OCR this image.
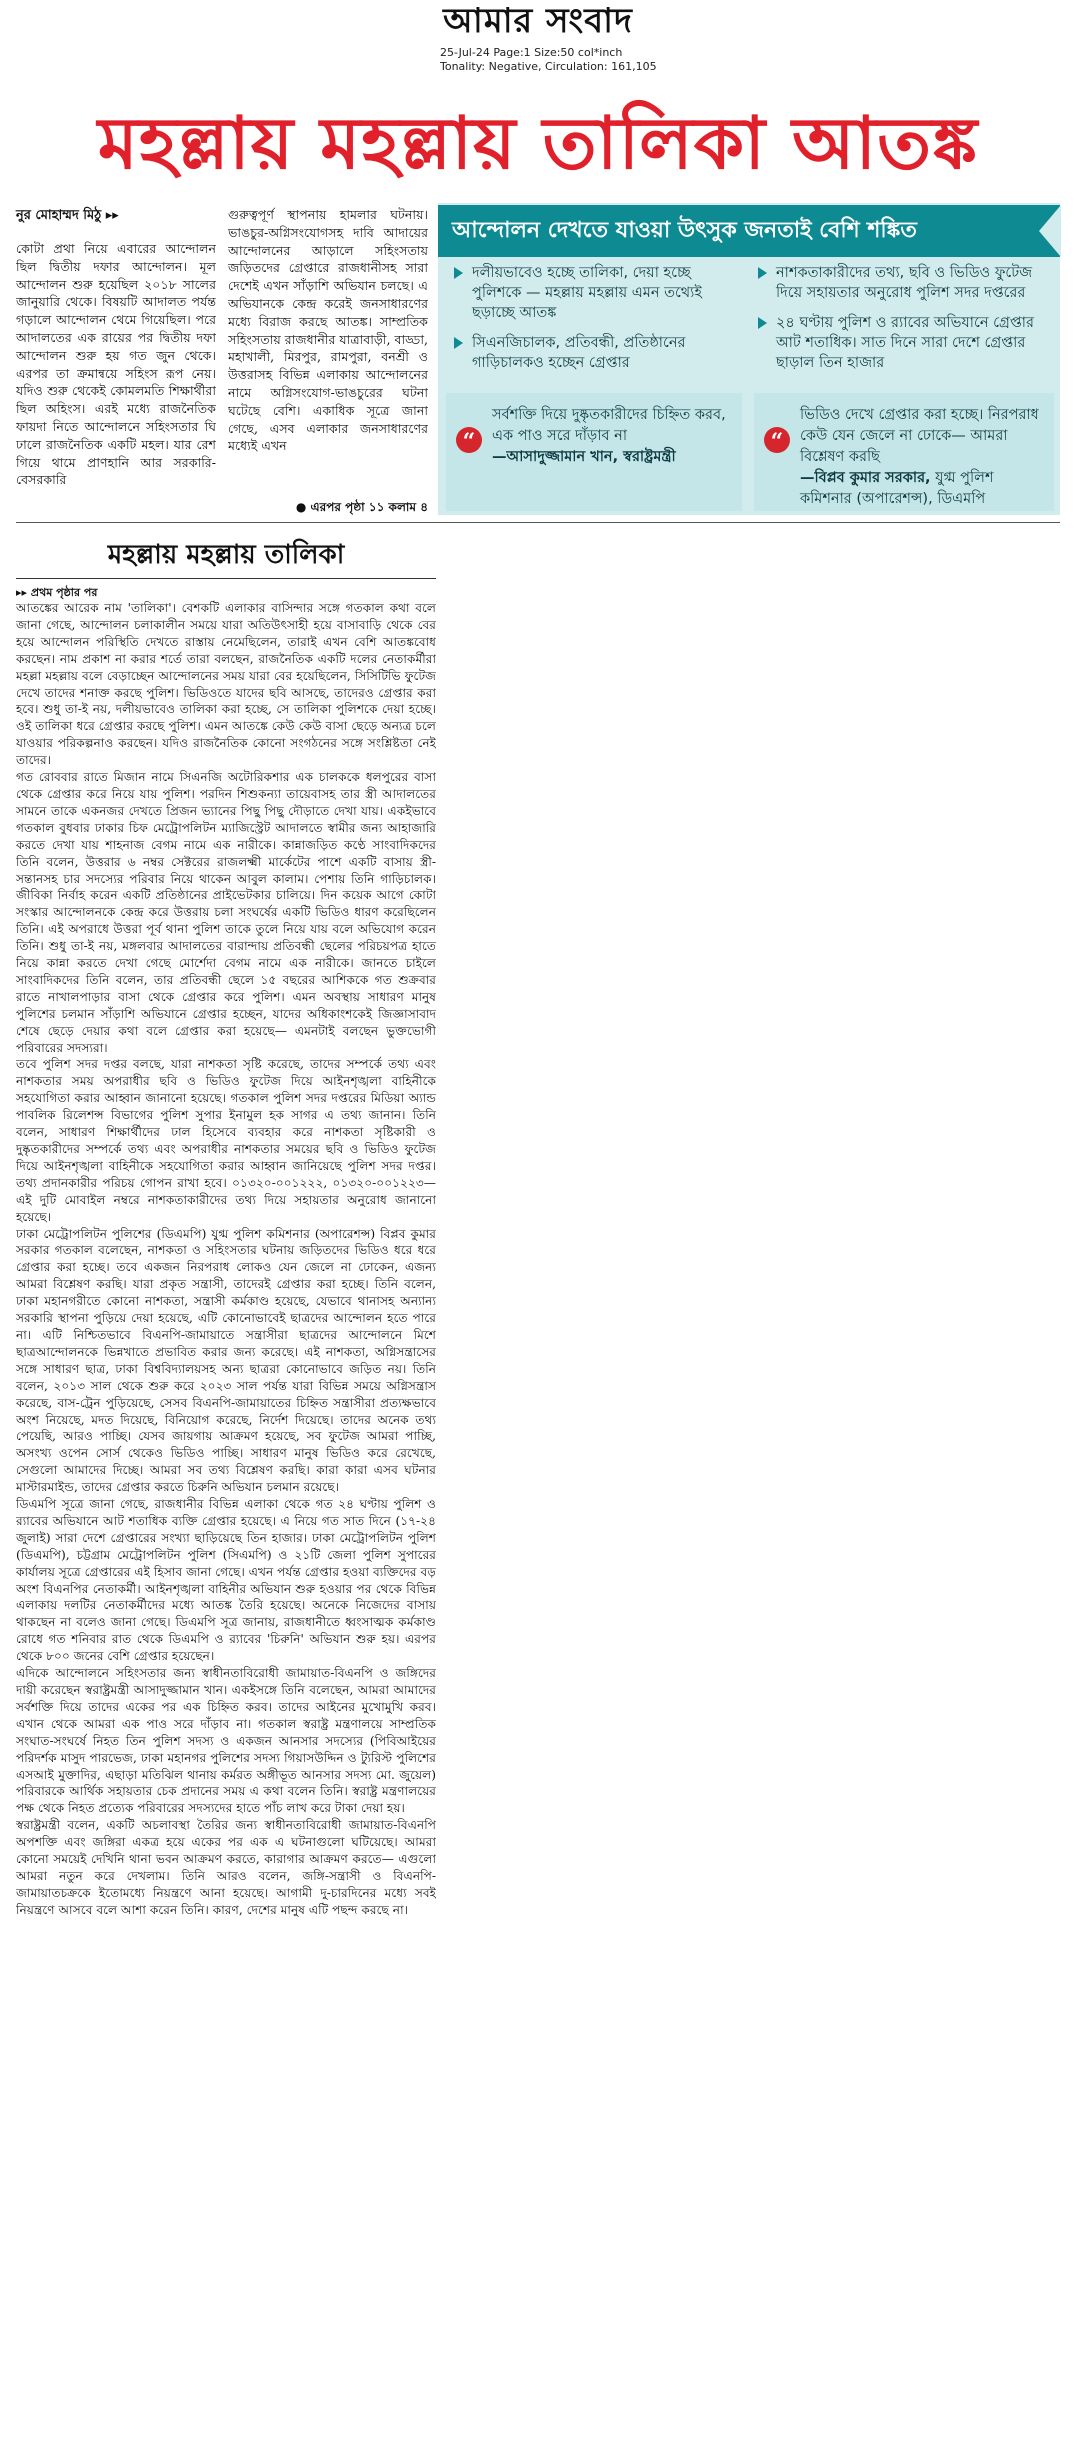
আমার সংবাদ
25-Jul-24 Page:1 Size:50 col*inch
Tonality: Negative, Circulation: 161,105
মহল্লায় মহল্লায় তালিকা আতঙ্ক
নুর মোহাম্মদ মিঠু ▸▸
কোটা প্রথা নিয়ে এবারের আন্দোলন ছিল দ্বিতীয় দফার আন্দোলন। মূল আন্দোলন শুরু হয়েছিল ২০১৮ সালের জানুয়ারি থেকে। বিষয়টি আদালত পর্যন্ত গড়ালে আন্দোলন থেমে গিয়েছিল। পরে আদালতের এক রায়ের পর দ্বিতীয় দফা আন্দোলন শুরু হয় গত জুন থেকে। এরপর তা ক্রমান্বয়ে সহিংস রূপ নেয়। যদিও শুরু থেকেই কোমলমতি শিক্ষার্থীরা ছিল অহিংস। এরই মধ্যে রাজনৈতিক ফায়দা নিতে আন্দোলনে সহিংসতার ঘি ঢালে রাজনৈতিক একটি মহল। যার রেশ গিয়ে থামে প্রাণহানি আর সরকারি-বেসরকারি
গুরুত্বপূর্ণ স্থাপনায় হামলার ঘটনায়। ভাঙচুর-অগ্নিসংযোগসহ দাবি আদায়ের আন্দোলনের আড়ালে সহিংসতায় জড়িতদের গ্রেপ্তারে রাজধানীসহ সারা দেশেই এখন সাঁড়াশি অভিযান চলছে। এ অভিযানকে কেন্দ্র করেই জনসাধারণের মধ্যে বিরাজ করছে আতঙ্ক। সাম্প্রতিক সহিংসতায় রাজধানীর যাত্রাবাড়ী, বাড্ডা, মহাখালী, মিরপুর, রামপুরা, বনশ্রী ও উত্তরাসহ বিভিন্ন এলাকায় আন্দোলনের নামে অগ্নিসংযোগ-ভাঙচুরের ঘটনা ঘটেছে বেশি। একাধিক সূত্রে জানা গেছে, এসব এলাকার জনসাধারণের মধ্যেই এখন
● এরপর পৃষ্ঠা ১১ কলাম ৪
আন্দোলন দেখতে যাওয়া উৎসুক জনতাই বেশি শঙ্কিত
দলীয়ভাবেও হচ্ছে তালিকা, দেয়া হচ্ছে পুলিশকে — মহল্লায় মহল্লায় এমন তথ্যেই ছড়াচ্ছে আতঙ্ক
সিএনজিচালক, প্রতিবন্ধী, প্রতিষ্ঠানের গাড়িচালকও হচ্ছেন গ্রেপ্তার
নাশকতাকারীদের তথ্য, ছবি ও ভিডিও ফুটেজ দিয়ে সহায়তার অনুরোধ পুলিশ সদর দপ্তরের
২৪ ঘণ্টায় পুলিশ ও র‌্যাবের অভিযানে গ্রেপ্তার আট শতাধিক। সাত দিনে সারা দেশে গ্রেপ্তার ছাড়াল তিন হাজার
“
সর্বশক্তি দিয়ে দুষ্কৃতকারীদের চিহ্নিত করব, এক পাও সরে দাঁড়াব না
—আসাদুজ্জামান খান, স্বরাষ্ট্রমন্ত্রী
“
ভিডিও দেখে গ্রেপ্তার করা হচ্ছে। নিরপরাধ কেউ যেন জেলে না ঢোকে— আমরা বিশ্লেষণ করছি
—বিপ্লব কুমার সরকার, যুগ্ম পুলিশ কমিশনার (অপারেশন্স), ডিএমপি
মহল্লায় মহল্লায় তালিকা
▸▸ প্রথম পৃষ্ঠার পর

আতঙ্কের আরেক নাম 'তালিকা'। বেশকটি এলাকার বাসিন্দার সঙ্গে গতকাল কথা বলে জানা গেছে, আন্দোলন চলাকালীন সময়ে যারা অতিউৎসাহী হয়ে বাসাবাড়ি থেকে বের হয়ে আন্দোলন পরিস্থিতি দেখতে রাস্তায় নেমেছিলেন, তারাই এখন বেশি আতঙ্কবোধ করছেন। নাম প্রকাশ না করার শর্তে তারা বলছেন, রাজনৈতিক একটি দলের নেতাকর্মীরা মহল্লা মহল্লায় বলে বেড়াচ্ছেন আন্দোলনের সময় যারা বের হয়েছিলেন, সিসিটিভি ফুটেজ দেখে তাদের শনাক্ত করছে পুলিশ। ভিডিওতে যাদের ছবি আসছে, তাদেরও গ্রেপ্তার করা হবে। শুধু তা-ই নয়, দলীয়ভাবেও তালিকা করা হচ্ছে, সে তালিকা পুলিশকে দেয়া হচ্ছে। ওই তালিকা ধরে গ্রেপ্তার করছে পুলিশ। এমন আতঙ্কে কেউ কেউ বাসা ছেড়ে অন্যত্র চলে যাওয়ার পরিকল্পনাও করছেন। যদিও রাজনৈতিক কোনো সংগঠনের সঙ্গে সংশ্লিষ্টতা নেই তাদের।

গত রোববার রাতে মিজান নামে সিএনজি অটোরিকশার এক চালককে ধলপুরের বাসা থেকে গ্রেপ্তার করে নিয়ে যায় পুলিশ। পরদিন শিশুকন্যা তায়েবাসহ তার স্ত্রী আদালতের সামনে তাকে একনজর দেখতে প্রিজন ভ্যানের পিছু পিছু দৌড়াতে দেখা যায়। একইভাবে গতকাল বুধবার ঢাকার চিফ মেট্রোপলিটন ম্যাজিস্ট্রেট আদালতে স্বামীর জন্য আহাজারি করতে দেখা যায় শাহনাজ বেগম নামে এক নারীকে। কান্নাজড়িত কণ্ঠে সাংবাদিকদের তিনি বলেন, উত্তরার ৬ নম্বর সেক্টরের রাজলক্ষ্মী মার্কেটের পাশে একটি বাসায় স্ত্রী-সন্তানসহ চার সদস্যের পরিবার নিয়ে থাকেন আবুল কালাম। পেশায় তিনি গাড়িচালক। জীবিকা নির্বাহ করেন একটি প্রতিষ্ঠানের প্রাইভেটকার চালিয়ে। দিন কয়েক আগে কোটা সংস্কার আন্দোলনকে কেন্দ্র করে উত্তরায় চলা সংঘর্ষের একটি ভিডিও ধারণ করেছিলেন তিনি। এই অপরাধে উত্তরা পূর্ব থানা পুলিশ তাকে তুলে নিয়ে যায় বলে অভিযোগ করেন তিনি। শুধু তা-ই নয়, মঙ্গলবার আদালতের বারান্দায় প্রতিবন্ধী ছেলের পরিচয়পত্র হাতে নিয়ে কান্না করতে দেখা গেছে মোর্শেদা বেগম নামে এক নারীকে। জানতে চাইলে সাংবাদিকদের তিনি বলেন, তার প্রতিবন্ধী ছেলে ১৫ বছরের আশিককে গত শুক্রবার রাতে নাখালপাড়ার বাসা থেকে গ্রেপ্তার করে পুলিশ। এমন অবস্থায় সাধারণ মানুষ পুলিশের চলমান সাঁড়াশি অভিযানে গ্রেপ্তার হচ্ছেন, যাদের অধিকাংশকেই জিজ্ঞাসাবাদ শেষে ছেড়ে দেয়ার কথা বলে গ্রেপ্তার করা হয়েছে— এমনটাই বলছেন ভুক্তভোগী পরিবারের সদস্যরা।

তবে পুলিশ সদর দপ্তর বলছে, যারা নাশকতা সৃষ্টি করেছে, তাদের সম্পর্কে তথ্য এবং নাশকতার সময় অপরাধীর ছবি ও ভিডিও ফুটেজ দিয়ে আইনশৃঙ্খলা বাহিনীকে সহযোগিতা করার আহ্বান জানানো হয়েছে। গতকাল পুলিশ সদর দপ্তরের মিডিয়া অ্যান্ড পাবলিক রিলেশন্স বিভাগের পুলিশ সুপার ইনামুল হক সাগর এ তথ্য জানান। তিনি বলেন, সাধারণ শিক্ষার্থীদের ঢাল হিসেবে ব্যবহার করে নাশকতা সৃষ্টিকারী ও দুষ্কৃতকারীদের সম্পর্কে তথ্য এবং অপরাধীর নাশকতার সময়ের ছবি ও ভিডিও ফুটেজ দিয়ে আইনশৃঙ্খলা বাহিনীকে সহযোগিতা করার আহ্বান জানিয়েছে পুলিশ সদর দপ্তর। তথ্য প্রদানকারীর পরিচয় গোপন রাখা হবে। ০১৩২০-০০১২২২, ০১৩২০-০০১২২৩— এই দুটি মোবাইল নম্বরে নাশকতাকারীদের তথ্য দিয়ে সহায়তার অনুরোধ জানানো হয়েছে।

ঢাকা মেট্রোপলিটন পুলিশের (ডিএমপি) যুগ্ম পুলিশ কমিশনার (অপারেশন্স) বিপ্লব কুমার সরকার গতকাল বলেছেন, নাশকতা ও সহিংসতার ঘটনায় জড়িতদের ভিডিও ধরে ধরে গ্রেপ্তার করা হচ্ছে। তবে একজন নিরপরাধ লোকও যেন জেলে না ঢোকেন, এজন্য আমরা বিশ্লেষণ করছি। যারা প্রকৃত সন্ত্রাসী, তাদেরই গ্রেপ্তার করা হচ্ছে। তিনি বলেন, ঢাকা মহানগরীতে কোনো নাশকতা, সন্ত্রাসী কর্মকাণ্ড হয়েছে, যেভাবে থানাসহ অন্যান্য সরকারি স্থাপনা পুড়িয়ে দেয়া হয়েছে, এটি কোনোভাবেই ছাত্রদের আন্দোলন হতে পারে না। এটি নিশ্চিতভাবে বিএনপি-জামায়াতে সন্ত্রাসীরা ছাত্রদের আন্দোলনে মিশে ছাত্রআন্দোলনকে ভিন্নখাতে প্রভাবিত করার জন্য করেছে। এই নাশকতা, অগ্নিসন্ত্রাসের সঙ্গে সাধারণ ছাত্র, ঢাকা বিশ্ববিদ্যালয়সহ অন্য ছাত্ররা কোনোভাবে জড়িত নয়। তিনি বলেন, ২০১৩ সাল থেকে শুরু করে ২০২৩ সাল পর্যন্ত যারা বিভিন্ন সময়ে অগ্নিসন্ত্রাস করেছে, বাস-ট্রেন পুড়িয়েছে, সেসব বিএনপি-জামায়াতের চিহ্নিত সন্ত্রাসীরা প্রত্যক্ষভাবে অংশ নিয়েছে, মদত দিয়েছে, বিনিয়োগ করেছে, নির্দেশ দিয়েছে। তাদের অনেক তথ্য পেয়েছি, আরও পাচ্ছি। যেসব জায়গায় আক্রমণ হয়েছে, সব ফুটেজ আমরা পাচ্ছি, অসংখ্য ওপেন সোর্স থেকেও ভিডিও পাচ্ছি। সাধারণ মানুষ ভিডিও করে রেখেছে, সেগুলো আমাদের দিচ্ছে। আমরা সব তথ্য বিশ্লেষণ করছি। কারা কারা এসব ঘটনার মাস্টারমাইন্ড, তাদের গ্রেপ্তার করতে চিরুনি অভিযান চলমান রয়েছে।

ডিএমপি সূত্রে জানা গেছে, রাজধানীর বিভিন্ন এলাকা থেকে গত ২৪ ঘণ্টায় পুলিশ ও র‌্যাবের অভিযানে আট শতাধিক ব্যক্তি গ্রেপ্তার হয়েছে। এ নিয়ে গত সাত দিনে (১৭-২৪ জুলাই) সারা দেশে গ্রেপ্তারের সংখ্যা ছাড়িয়েছে তিন হাজার। ঢাকা মেট্রোপলিটন পুলিশ (ডিএমপি), চট্টগ্রাম মেট্রোপলিটন পুলিশ (সিএমপি) ও ২১টি জেলা পুলিশ সুপারের কার্যালয় সূত্রে গ্রেপ্তারের এই হিসাব জানা গেছে। এখন পর্যন্ত গ্রেপ্তার হওয়া ব্যক্তিদের বড় অংশ বিএনপির নেতাকর্মী। আইনশৃঙ্খলা বাহিনীর অভিযান শুরু হওয়ার পর থেকে বিভিন্ন এলাকায় দলটির নেতাকর্মীদের মধ্যে আতঙ্ক তৈরি হয়েছে। অনেকে নিজেদের বাসায় থাকছেন না বলেও জানা গেছে। ডিএমপি সূত্র জানায়, রাজধানীতে ধ্বংসাত্মক কর্মকাণ্ড রোধে গত শনিবার রাত থেকে ডিএমপি ও র‌্যাবের 'চিরুনি' অভিযান শুরু হয়। এরপর থেকে ৮০০ জনের বেশি গ্রেপ্তার হয়েছেন।

এদিকে আন্দোলনে সহিংসতার জন্য স্বাধীনতাবিরোধী জামায়াত-বিএনপি ও জঙ্গিদের দায়ী করেছেন স্বরাষ্ট্রমন্ত্রী আসাদুজ্জামান খান। একইসঙ্গে তিনি বলেছেন, আমরা আমাদের সর্বশক্তি দিয়ে তাদের একের পর এক চিহ্নিত করব। তাদের আইনের মুখোমুখি করব। এখান থেকে আমরা এক পাও সরে দাঁড়াব না। গতকাল স্বরাষ্ট্র মন্ত্রণালয়ে সাম্প্রতিক সংঘাত-সংঘর্ষে নিহত তিন পুলিশ সদস্য ও একজন আনসার সদস্যের (পিবিআইয়ের পরিদর্শক মাসুদ পারভেজ, ঢাকা মহানগর পুলিশের সদস্য গিয়াসউদ্দিন ও ট্যুরিস্ট পুলিশের এসআই মুক্তাদির, এছাড়া মতিঝিল থানায় কর্মরত অঙ্গীভূত আনসার সদস্য মো. জুয়েল) পরিবারকে আর্থিক সহায়তার চেক প্রদানের সময় এ কথা বলেন তিনি। স্বরাষ্ট্র মন্ত্রণালয়ের পক্ষ থেকে নিহত প্রত্যেক পরিবারের সদস্যদের হাতে পাঁচ লাখ করে টাকা দেয়া হয়।

স্বরাষ্ট্রমন্ত্রী বলেন, একটি অচলাবস্থা তৈরির জন্য স্বাধীনতাবিরোধী জামায়াত-বিএনপি অপশক্তি এবং জঙ্গিরা একত্র হয়ে একের পর এক এ ঘটনাগুলো ঘটিয়েছে। আমরা কোনো সময়েই দেখিনি থানা ভবন আক্রমণ করতে, কারাগার আক্রমণ করতে— এগুলো আমরা নতুন করে দেখলাম। তিনি আরও বলেন, জঙ্গি-সন্ত্রাসী ও বিএনপি-জামায়াতচক্রকে ইতোমধ্যে নিয়ন্ত্রণে আনা হয়েছে। আগামী দু-চারদিনের মধ্যে সবই নিয়ন্ত্রণে আসবে বলে আশা করেন তিনি। কারণ, দেশের মানুষ এটি পছন্দ করছে না।
